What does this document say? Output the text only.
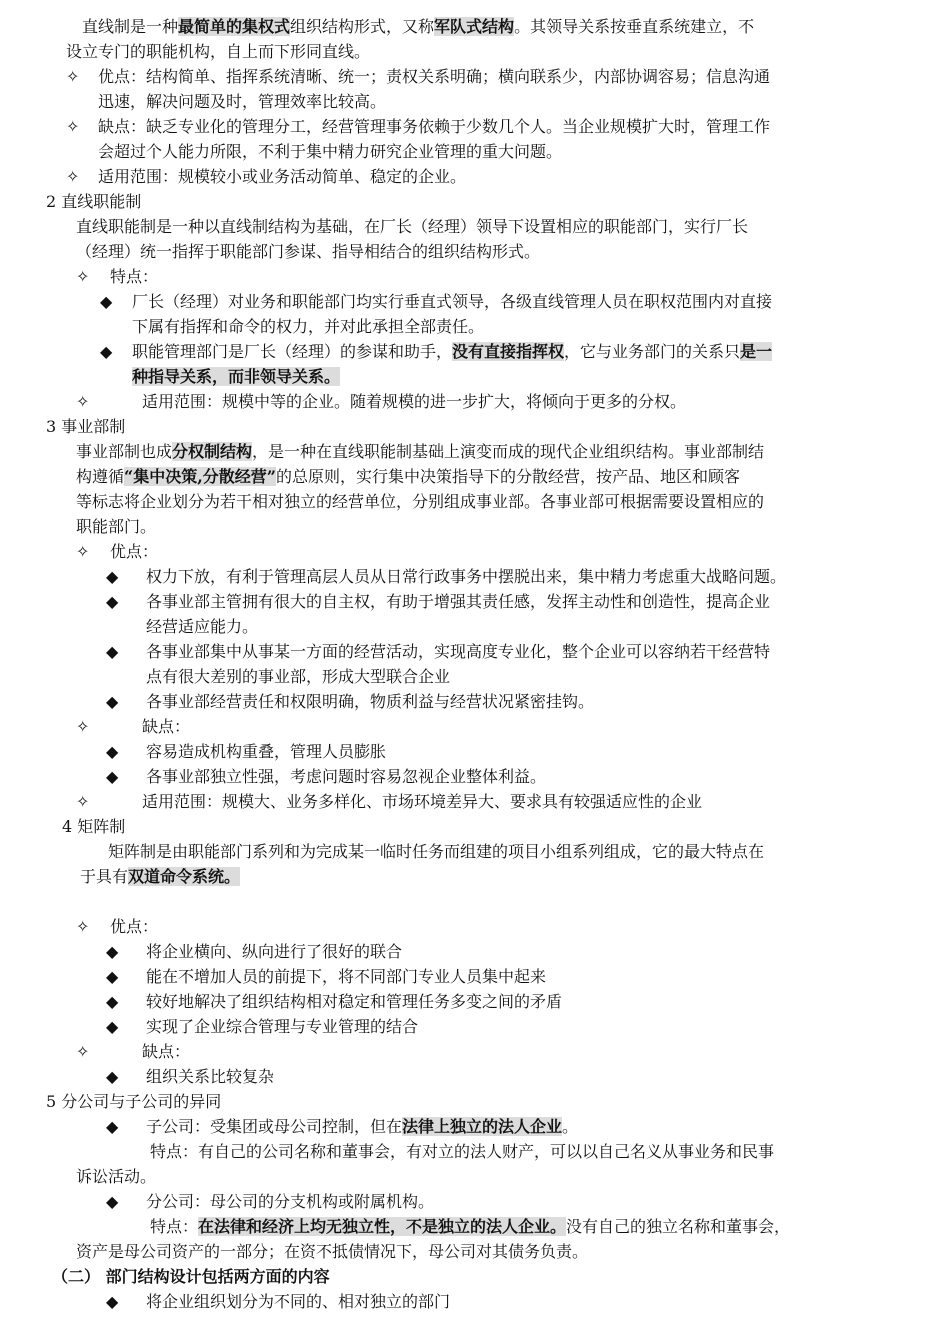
直线制是一种最简单的集权式组织结构形式，又称军队式结构。其领导关系按垂直系统建立，不
设立专门的职能机构，自上而下形同直线。
✧ 优点：结构简单、指挥系统清晰、统一；责权关系明确；横向联系少，内部协调容易；信息沟通
迅速，解决问题及时，管理效率比较高。
✧ 缺点：缺乏专业化的管理分工，经营管理事务依赖于少数几个人。当企业规模扩大时，管理工作
会超过个人能力所限，不利于集中精力研究企业管理的重大问题。
✧ 适用范围：规模较小或业务活动简单、稳定的企业。
2 直线职能制
直线职能制是一种以直线制结构为基础，在厂长（经理）领导下设置相应的职能部门，实行厂长
（经理）统一指挥于职能部门参谋、指导相结合的组织结构形式。
✧ 特点：
◆ 厂长（经理）对业务和职能部门均实行垂直式领导，各级直线管理人员在职权范围内对直接
下属有指挥和命令的权力，并对此承担全部责任。
◆ 职能管理部门是厂长（经理）的参谋和助手，没有直接指挥权，它与业务部门的关系只是一
种指导关系，而非领导关系。
✧	适用范围：规模中等的企业。随着规模的进一步扩大，将倾向于更多的分权。
3 事业部制
事业部制也成分权制结构，是一种在直线职能制基础上演变而成的现代企业组织结构。事业部制结
构遵循“集中决策,分散经营”的总原则，实行集中决策指导下的分散经营，按产品、地区和顾客
等标志将企业划分为若干相对独立的经营单位，分别组成事业部。各事业部可根据需要设置相应的
职能部门。
✧ 优点：
◆ 权力下放，有利于管理高层人员从日常行政事务中摆脱出来，集中精力考虑重大战略问题。
◆ 各事业部主管拥有很大的自主权，有助于增强其责任感，发挥主动性和创造性，提高企业
经营适应能力。
◆ 各事业部集中从事某一方面的经营活动，实现高度专业化，整个企业可以容纳若干经营特
点有很大差别的事业部，形成大型联合企业
◆ 各事业部经营责任和权限明确，物质利益与经营状况紧密挂钩。
✧	缺点：
◆ 容易造成机构重叠，管理人员膨胀
◆ 各事业部独立性强，考虑问题时容易忽视企业整体利益。
✧	适用范围：规模大、业务多样化、市场环境差异大、要求具有较强适应性的企业
4 矩阵制
矩阵制是由职能部门系列和为完成某一临时任务而组建的项目小组系列组成，它的最大特点在
于具有双道命令系统。
✧ 优点：
◆ 将企业横向、纵向进行了很好的联合
◆ 能在不增加人员的前提下，将不同部门专业人员集中起来
◆ 较好地解决了组织结构相对稳定和管理任务多变之间的矛盾
◆ 实现了企业综合管理与专业管理的结合
✧	缺点：
◆ 组织关系比较复杂
5 分公司与子公司的异同
◆ 子公司：受集团或母公司控制，但在法律上独立的法人企业。
特点：有自己的公司名称和董事会，有对立的法人财产，可以以自己名义从事业务和民事
诉讼活动。
◆ 分公司：母公司的分支机构或附属机构。
特点：在法律和经济上均无独立性，不是独立的法人企业。没有自己的独立名称和董事会，
资产是母公司资产的一部分；在资不抵债情况下，母公司对其债务负责。
（二） 部门结构设计包括两方面的内容
◆ 将企业组织划分为不同的、相对独立的部门
